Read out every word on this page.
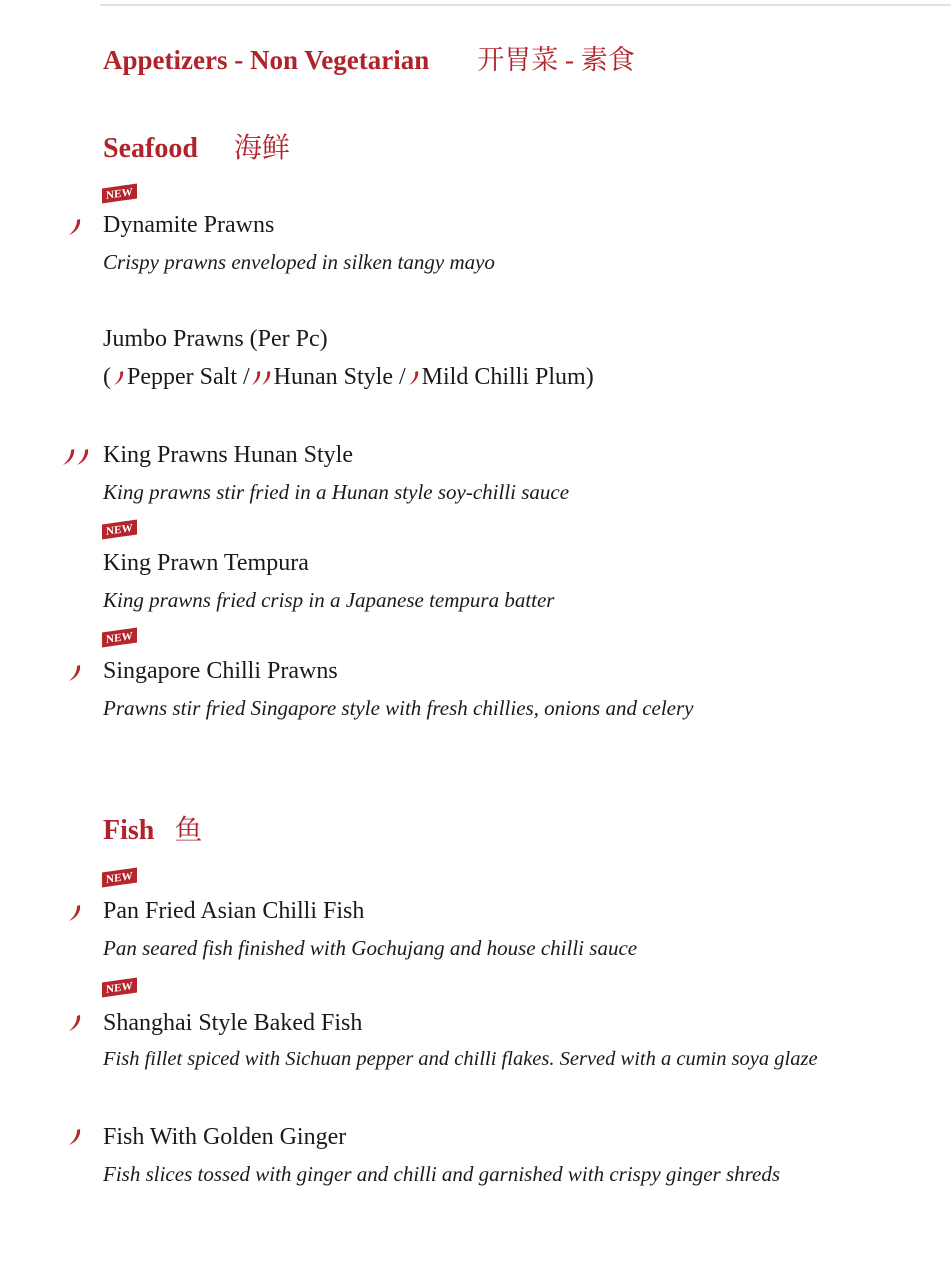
Appetizers - Non Vegetarian 开胃菜 - 素食
Seafood 海鲜
NEW

Dynamite Prawns

Crispy prawns enveloped in silken tangy mayo

Jumbo Prawns (Per Pc)

( Pepper Salt / Hunan Style / Mild Chilli Plum)

King Prawns Hunan Style

King prawns stir fried in a Hunan style soy-chilli sauce

NEW

King Prawn Tempura

King prawns fried crisp in a Japanese tempura batter

NEW

Singapore Chilli Prawns

Prawns stir fried Singapore style with fresh chillies, onions and celery

Fish 鱼
NEW

Pan Fried Asian Chilli Fish

Pan seared fish finished with Gochujang and house chilli sauce

NEW

Shanghai Style Baked Fish

Fish fillet spiced with Sichuan pepper and chilli flakes. Served with a cumin soya glaze

Fish With Golden Ginger

Fish slices tossed with ginger and chilli and garnished with crispy ginger shreds
